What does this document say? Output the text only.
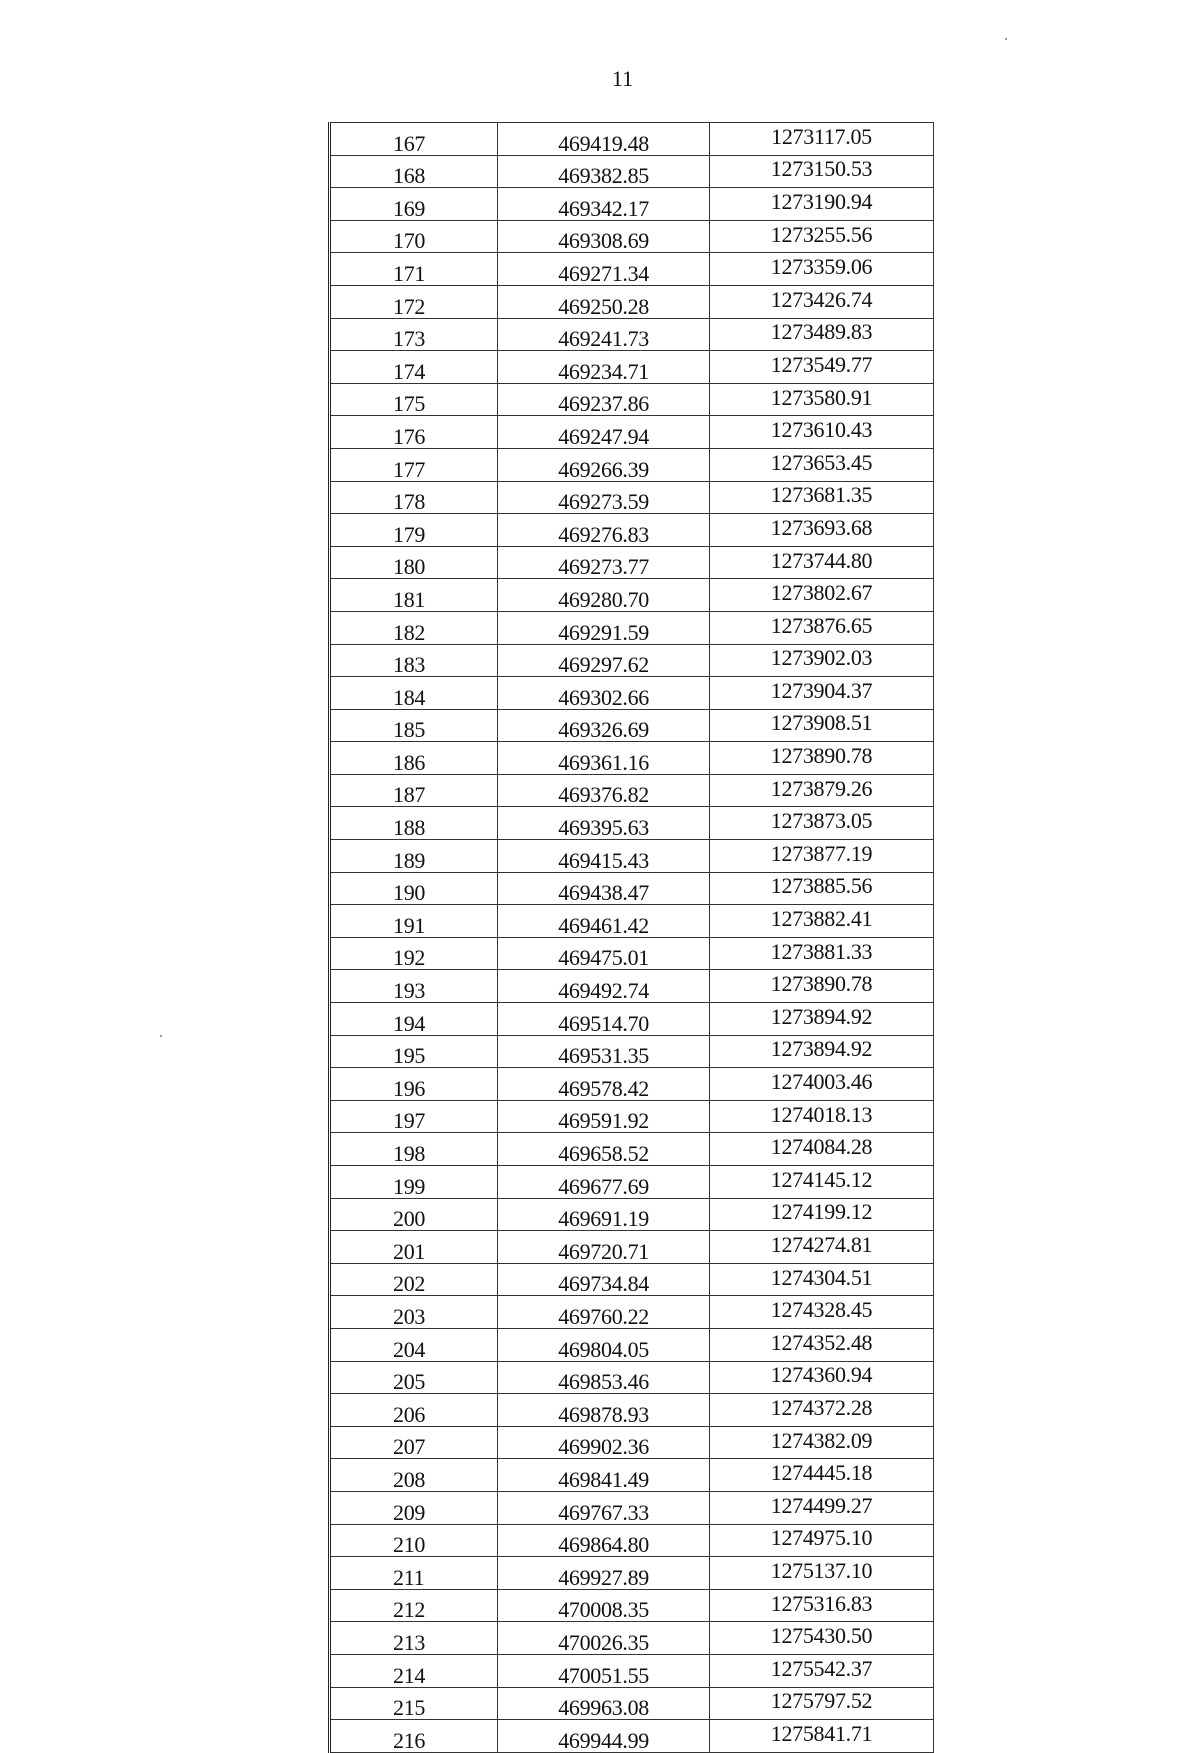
11
167	469419.48	1273117.05
168	469382.85	1273150.53
169	469342.17	1273190.94
170	469308.69	1273255.56
171	469271.34	1273359.06
172	469250.28	1273426.74
173	469241.73	1273489.83
174	469234.71	1273549.77
175	469237.86	1273580.91
176	469247.94	1273610.43
177	469266.39	1273653.45
178	469273.59	1273681.35
179	469276.83	1273693.68
180	469273.77	1273744.80
181	469280.70	1273802.67
182	469291.59	1273876.65
183	469297.62	1273902.03
184	469302.66	1273904.37
185	469326.69	1273908.51
186	469361.16	1273890.78
187	469376.82	1273879.26
188	469395.63	1273873.05
189	469415.43	1273877.19
190	469438.47	1273885.56
191	469461.42	1273882.41
192	469475.01	1273881.33
193	469492.74	1273890.78
194	469514.70	1273894.92
195	469531.35	1273894.92
196	469578.42	1274003.46
197	469591.92	1274018.13
198	469658.52	1274084.28
199	469677.69	1274145.12
200	469691.19	1274199.12
201	469720.71	1274274.81
202	469734.84	1274304.51
203	469760.22	1274328.45
204	469804.05	1274352.48
205	469853.46	1274360.94
206	469878.93	1274372.28
207	469902.36	1274382.09
208	469841.49	1274445.18
209	469767.33	1274499.27
210	469864.80	1274975.10
211	469927.89	1275137.10
212	470008.35	1275316.83
213	470026.35	1275430.50
214	470051.55	1275542.37
215	469963.08	1275797.52
216	469944.99	1275841.71
